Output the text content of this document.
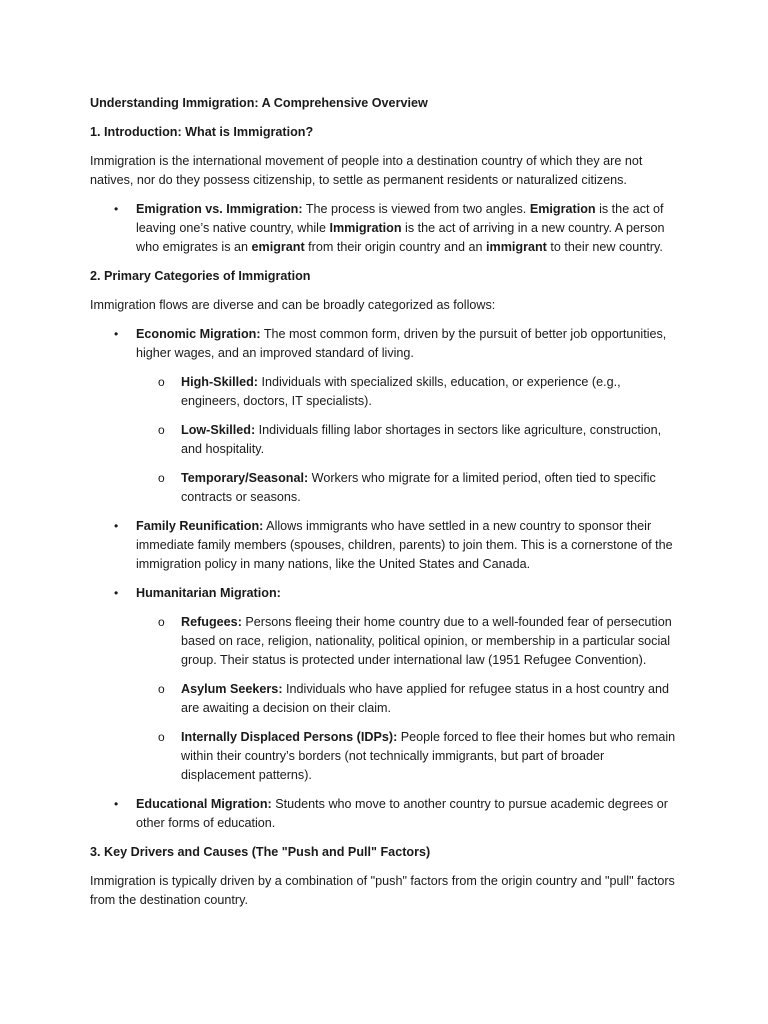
Understanding Immigration: A Comprehensive Overview

1. Introduction: What is Immigration?

Immigration is the international movement of people into a destination country of which they are not natives, nor do they possess citizenship, to settle as permanent residents or naturalized citizens.

• Emigration vs. Immigration: The process is viewed from two angles. Emigration is the act of leaving one’s native country, while Immigration is the act of arriving in a new country. A person who emigrates is an emigrant from their origin country and an immigrant to their new country.

2. Primary Categories of Immigration

Immigration flows are diverse and can be broadly categorized as follows:

• Economic Migration: The most common form, driven by the pursuit of better job opportunities, higher wages, and an improved standard of living.
o High-Skilled: Individuals with specialized skills, education, or experience (e.g., engineers, doctors, IT specialists).
o Low-Skilled: Individuals filling labor shortages in sectors like agriculture, construction, and hospitality.
o Temporary/Seasonal: Workers who migrate for a limited period, often tied to specific contracts or seasons.
• Family Reunification: Allows immigrants who have settled in a new country to sponsor their immediate family members (spouses, children, parents) to join them. This is a cornerstone of the immigration policy in many nations, like the United States and Canada.
• Humanitarian Migration:
o Refugees: Persons fleeing their home country due to a well-founded fear of persecution based on race, religion, nationality, political opinion, or membership in a particular social group. Their status is protected under international law (1951 Refugee Convention).
o Asylum Seekers: Individuals who have applied for refugee status in a host country and are awaiting a decision on their claim.
o Internally Displaced Persons (IDPs): People forced to flee their homes but who remain within their country’s borders (not technically immigrants, but part of broader displacement patterns).
• Educational Migration: Students who move to another country to pursue academic degrees or other forms of education.

3. Key Drivers and Causes (The "Push and Pull" Factors)

Immigration is typically driven by a combination of "push" factors from the origin country and "pull" factors from the destination country.
